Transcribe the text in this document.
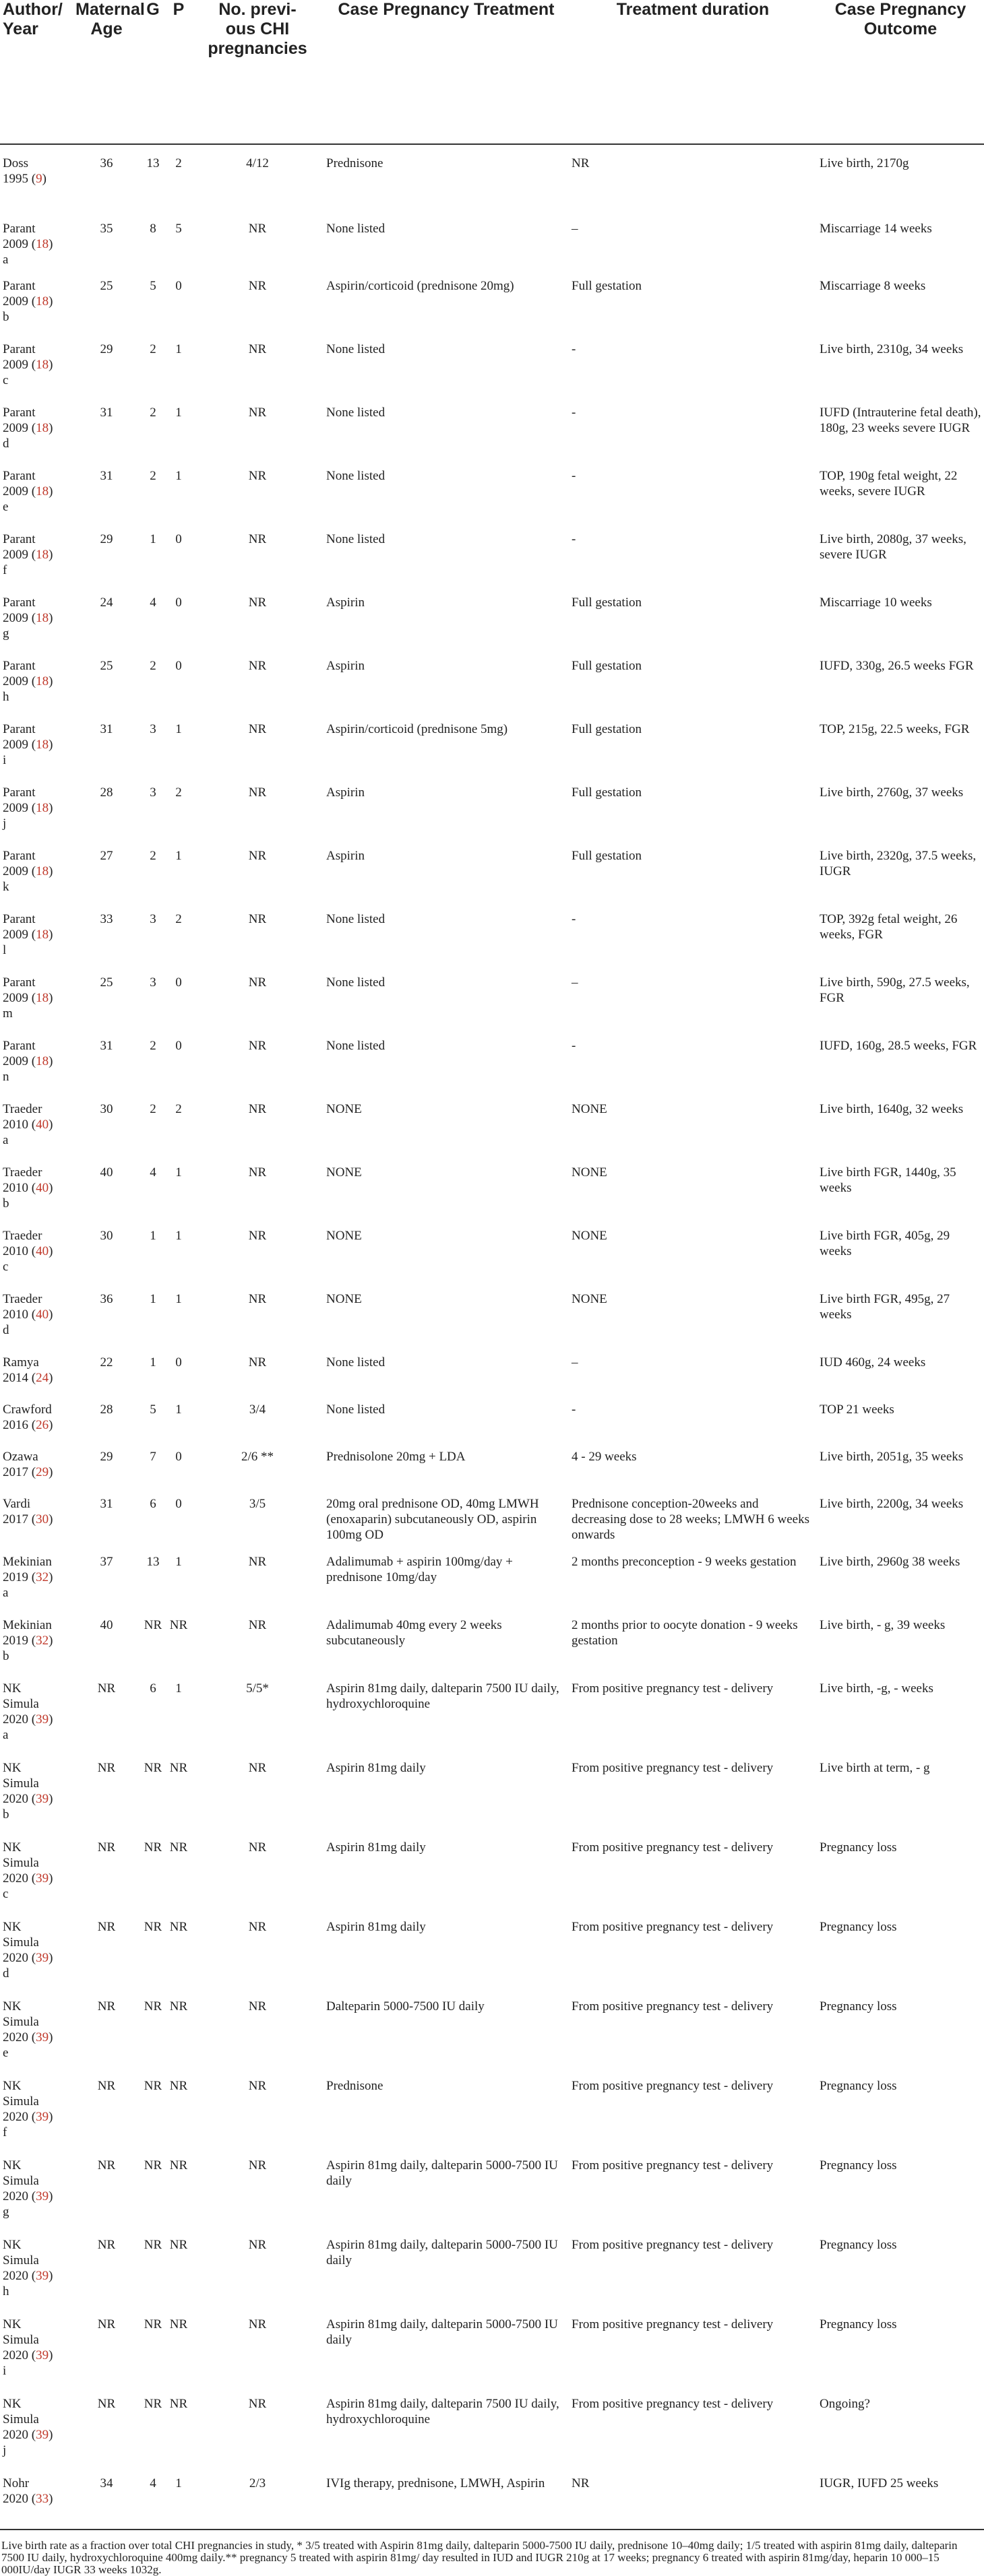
Author/
Year	Maternal
Age	G	P	No. previ-
ous CHI
pregnancies	Case Pregnancy Treatment	Treatment duration	Case Pregnancy
Outcome

Doss
1995 (9)	36	13	2	4/12	Prednisone	NR	Live birth, 2170g
Parant
2009 (18)
a	35	8	5	NR	None listed	–	Miscarriage 14 weeks
Parant
2009 (18)
b	25	5	0	NR	Aspirin/corticoid (prednisone 20mg)	Full gestation	Miscarriage 8 weeks
Parant
2009 (18)
c	29	2	1	NR	None listed	-	Live birth, 2310g, 34 weeks
Parant
2009 (18)
d	31	2	1	NR	None listed	-	IUFD (Intrauterine fetal death), 180g, 23 weeks severe IUGR
Parant
2009 (18)
e	31	2	1	NR	None listed	-	TOP, 190g fetal weight, 22 weeks, severe IUGR
Parant
2009 (18)
f	29	1	0	NR	None listed	-	Live birth, 2080g, 37 weeks, severe IUGR
Parant
2009 (18)
g	24	4	0	NR	Aspirin	Full gestation	Miscarriage 10 weeks
Parant
2009 (18)
h	25	2	0	NR	Aspirin	Full gestation	IUFD, 330g, 26.5 weeks FGR
Parant
2009 (18)
i	31	3	1	NR	Aspirin/corticoid (prednisone 5mg)	Full gestation	TOP, 215g, 22.5 weeks, FGR
Parant
2009 (18)
j	28	3	2	NR	Aspirin	Full gestation	Live birth, 2760g, 37 weeks
Parant
2009 (18)
k	27	2	1	NR	Aspirin	Full gestation	Live birth, 2320g, 37.5 weeks, IUGR
Parant
2009 (18)
l	33	3	2	NR	None listed	-	TOP, 392g fetal weight, 26 weeks, FGR
Parant
2009 (18)
m	25	3	0	NR	None listed	–	Live birth, 590g, 27.5 weeks, FGR
Parant
2009 (18)
n	31	2	0	NR	None listed	-	IUFD, 160g, 28.5 weeks, FGR
Traeder
2010 (40)
a	30	2	2	NR	NONE	NONE	Live birth, 1640g, 32 weeks
Traeder
2010 (40)
b	40	4	1	NR	NONE	NONE	Live birth FGR, 1440g, 35 weeks
Traeder
2010 (40)
c	30	1	1	NR	NONE	NONE	Live birth FGR, 405g, 29 weeks
Traeder
2010 (40)
d	36	1	1	NR	NONE	NONE	Live birth FGR, 495g, 27 weeks
Ramya
2014 (24)	22	1	0	NR	None listed	–	IUD 460g, 24 weeks
Crawford
2016 (26)	28	5	1	3/4	None listed	-	TOP 21 weeks
Ozawa
2017 (29)	29	7	0	2/6 **	Prednisolone 20mg + LDA	4 - 29 weeks	Live birth, 2051g, 35 weeks
Vardi
2017 (30)	31	6	0	3/5	20mg oral prednisone OD, 40mg LMWH (enoxaparin) subcutaneously OD, aspirin 100mg OD	Prednisone conception-20weeks and decreasing dose to 28 weeks; LMWH 6 weeks onwards	Live birth, 2200g, 34 weeks
Mekinian
2019 (32)
a	37	13	1	NR	Adalimumab + aspirin 100mg/day + prednisone 10mg/day	2 months preconception - 9 weeks gestation	Live birth, 2960g 38 weeks
Mekinian
2019 (32)
b	40	NR	NR	NR	Adalimumab 40mg every 2 weeks subcutaneously	2 months prior to oocyte donation - 9 weeks gestation	Live birth, - g, 39 weeks
NK
Simula
2020 (39)
a	NR	6	1	5/5*	Aspirin 81mg daily, dalteparin 7500 IU daily, hydroxychloroquine	From positive pregnancy test - delivery	Live birth, -g, - weeks
NK
Simula
2020 (39)
b	NR	NR	NR	NR	Aspirin 81mg daily	From positive pregnancy test - delivery	Live birth at term, - g
NK
Simula
2020 (39)
c	NR	NR	NR	NR	Aspirin 81mg daily	From positive pregnancy test - delivery	Pregnancy loss
NK
Simula
2020 (39)
d	NR	NR	NR	NR	Aspirin 81mg daily	From positive pregnancy test - delivery	Pregnancy loss
NK
Simula
2020 (39)
e	NR	NR	NR	NR	Dalteparin 5000-7500 IU daily	From positive pregnancy test - delivery	Pregnancy loss
NK
Simula
2020 (39)
f	NR	NR	NR	NR	Prednisone	From positive pregnancy test - delivery	Pregnancy loss
NK
Simula
2020 (39)
g	NR	NR	NR	NR	Aspirin 81mg daily, dalteparin 5000-7500 IU daily	From positive pregnancy test - delivery	Pregnancy loss
NK
Simula
2020 (39)
h	NR	NR	NR	NR	Aspirin 81mg daily, dalteparin 5000-7500 IU daily	From positive pregnancy test - delivery	Pregnancy loss
NK
Simula
2020 (39)
i	NR	NR	NR	NR	Aspirin 81mg daily, dalteparin 5000-7500 IU daily	From positive pregnancy test - delivery	Pregnancy loss
NK
Simula
2020 (39)
j	NR	NR	NR	NR	Aspirin 81mg daily, dalteparin 7500 IU daily, hydroxychloroquine	From positive pregnancy test - delivery	Ongoing?
Nohr
2020 (33)	34	4	1	2/3	IVIg therapy, prednisone, LMWH, Aspirin	NR	IUGR, IUFD 25 weeks

Live birth rate as a fraction over total CHI pregnancies in study, * 3/5 treated with Aspirin 81mg daily, dalteparin 5000-7500 IU daily, prednisone 10–40mg daily; 1/5 treated with aspirin 81mg daily, dalteparin 7500 IU daily, hydroxychloroquine 400mg daily.** pregnancy 5 treated with aspirin 81mg/ day resulted in IUD and IUGR 210g at 17 weeks; pregnancy 6 treated with aspirin 81mg/day, heparin 10 000–15 000IU/day IUGR 33 weeks 1032g.							
